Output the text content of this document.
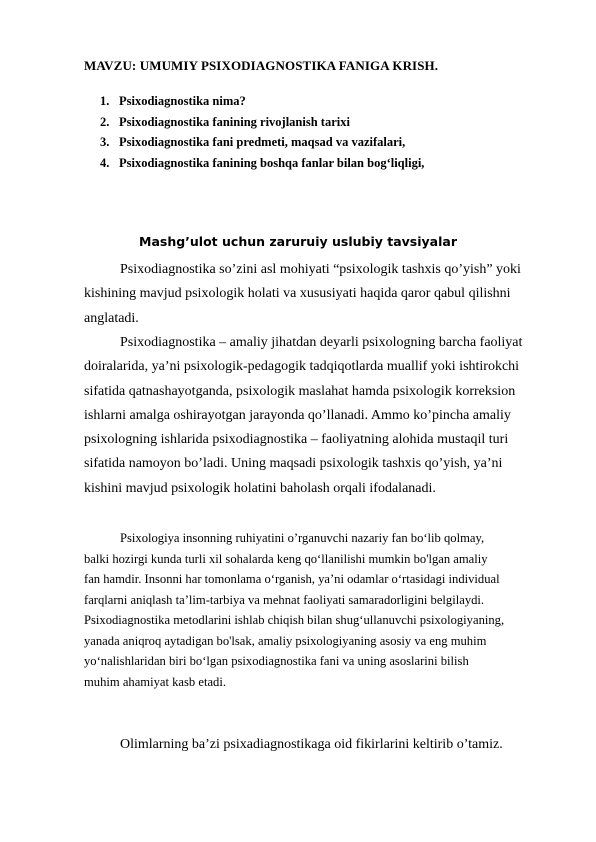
MAVZU: UMUMIY PSIXODIAGNOSTIKA FANIGA KRISH.
1. Psixodiagnostika nima?
2. Psixodiagnostika fanining rivojlanish tarixi
3. Psixodiagnostika fani predmeti, maqsad va vazifalari,
4. Psixodiagnostika fanining boshqa fanlar bilan bog‘liqligi,
Mashg’ulot uchun zaruruiy uslubiy tavsiyalar

Psixodiagnostika so’zini asl mohiyati “psixologik tashxis qo’yish” yoki
kishining mavjud psixologik holati va xususiyati haqida qaror qabul qilishni
anglatadi.

Psixodiagnostika – amaliy jihatdan deyarli psixologning barcha faoliyat
doiralarida, ya’ni psixologik-pedagogik tadqiqotlarda muallif yoki ishtirokchi
sifatida qatnashayotganda, psixologik maslahat hamda psixologik korreksion
ishlarni amalga oshirayotgan jarayonda qo’llanadi. Ammo ko’pincha amaliy
psixologning ishlarida psixodiagnostika – faoliyatning alohida mustaqil turi
sifatida namoyon bo’ladi. Uning maqsadi psixologik tashxis qo’yish, ya’ni
kishini mavjud psixologik holatini baholash orqali ifodalanadi.

Psixologiya insonning ruhiyatini o’rganuvchi nazariy fan bo‘lib qolmay,
balki hozirgi kunda turli xil sohalarda keng qo‘llanilishi mumkin bo'lgan amaliy
fan hamdir. Insonni har tomonlama o‘rganish, ya’ni odamlar o‘rtasidagi individual
farqlarni aniqlash ta’lim-tarbiya va mehnat faoliyati samaradorligini belgilaydi.
Psixodiagnostika metodlarini ishlab chiqish bilan shug‘ullanuvchi psixologiyaning,
yanada aniqroq aytadigan bo'lsak, amaliy psixologiyaning asosiy va eng muhim
yo‘nalishlaridan biri bo‘lgan psixodiagnostika fani va uning asoslarini bilish
muhim ahamiyat kasb etadi.

Olimlarning ba’zi psixadiagnostikaga oid fikirlarini keltirib o’tamiz.
